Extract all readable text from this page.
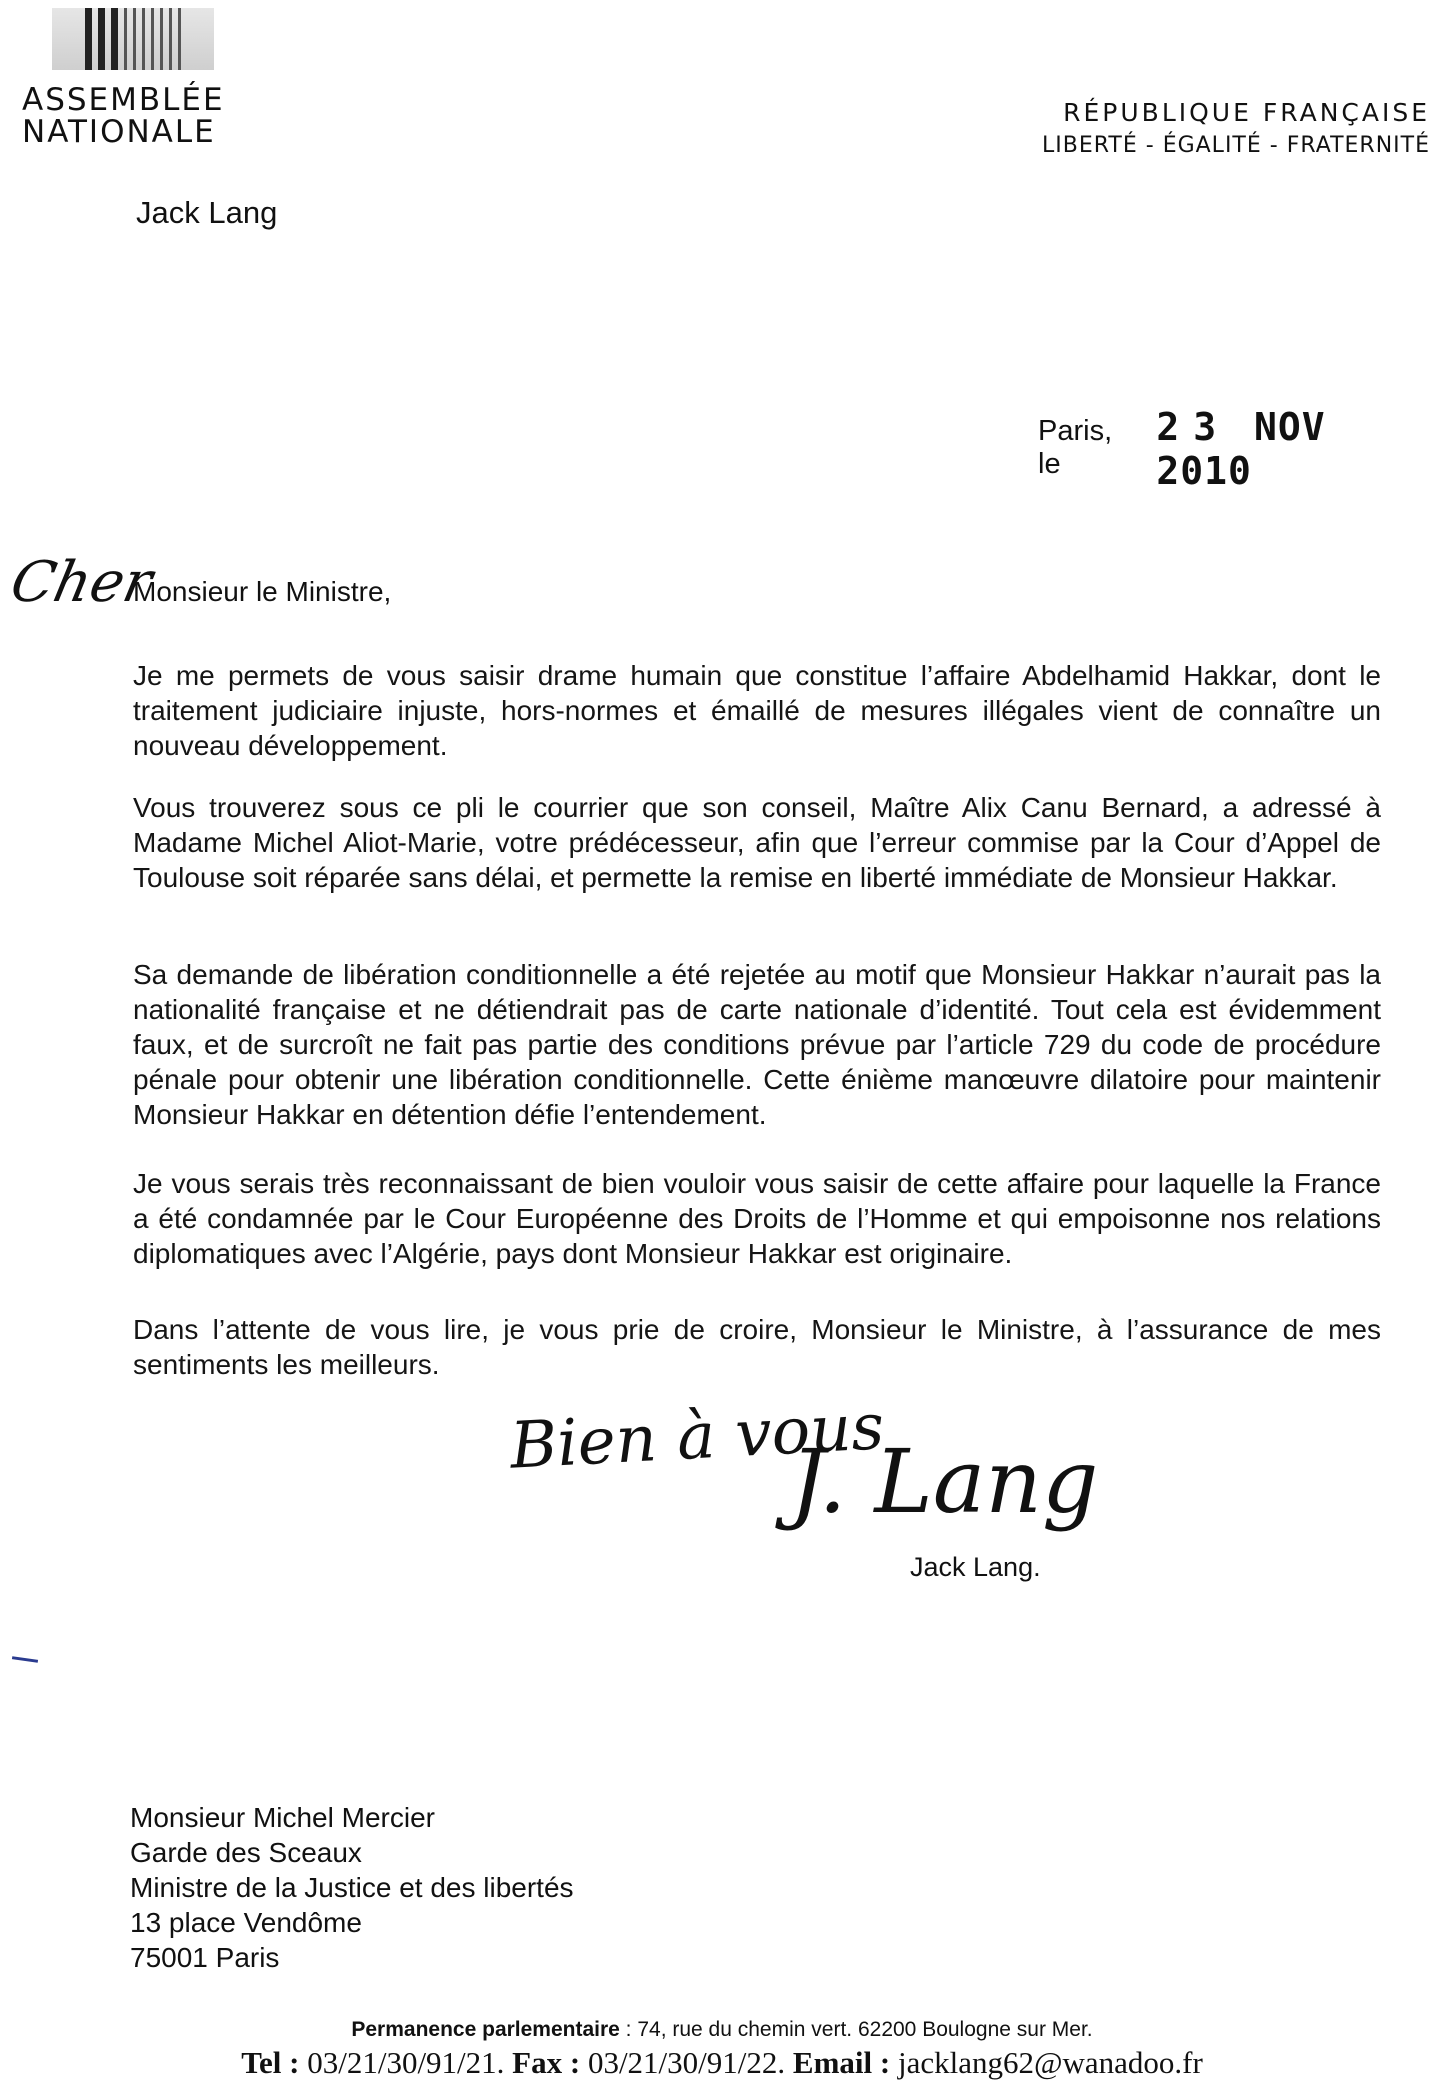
ASSEMBLÉE
NATIONALE
RÉPUBLIQUE FRANÇAISE
LIBERTÉ - ÉGALITÉ - FRATERNITÉ
Jack Lang
Paris, le
23 NOV 2010
Cher
Monsieur le Ministre,
Je me permets de vous saisir drame humain que constitue l’affaire Abdelhamid Hakkar, dont le traitement judiciaire injuste, hors-normes et émaillé de mesures illégales vient de connaître un nouveau développement.
Vous trouverez sous ce pli le courrier que son conseil, Maître Alix Canu Bernard, a adressé à Madame Michel Aliot-Marie, votre prédécesseur, afin que l’erreur commise par la Cour d’Appel de Toulouse soit réparée sans délai, et permette la remise en liberté immédiate de Monsieur Hakkar.
Sa demande de libération conditionnelle a été rejetée au motif que Monsieur Hakkar n’aurait pas la nationalité française et ne détiendrait pas de carte nationale d’identité. Tout cela est évidemment faux, et de surcroît ne fait pas partie des conditions prévue par l’article 729 du code de procédure pénale pour obtenir une libération conditionnelle. Cette énième manœuvre dilatoire pour maintenir Monsieur Hakkar en détention défie l’entendement.
Je vous serais très reconnaissant de bien vouloir vous saisir de cette affaire pour laquelle la France a été condamnée par le Cour Européenne des Droits de l’Homme et qui empoisonne nos relations diplomatiques avec l’Algérie, pays dont Monsieur Hakkar est originaire.
Dans l’attente de vous lire, je vous prie de croire, Monsieur le Ministre, à l’assurance de mes sentiments les meilleurs.
Bien à vous
J. Lang
Jack Lang.
Monsieur Michel Mercier
Garde des Sceaux
Ministre de la Justice et des libertés
13 place Vendôme
75001 Paris
Permanence parlementaire : 74, rue du chemin vert. 62200 Boulogne sur Mer.
Tel : 03/21/30/91/21. Fax : 03/21/30/91/22. Email : jacklang62@wanadoo.fr
